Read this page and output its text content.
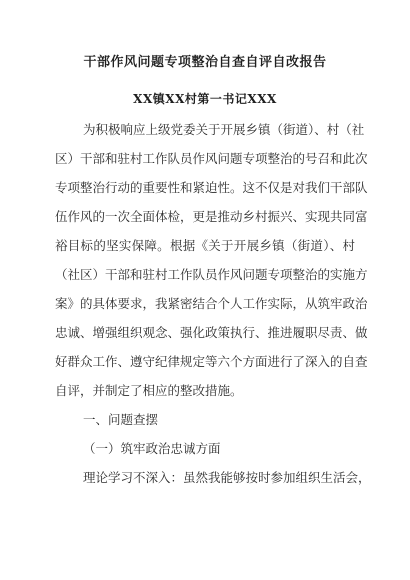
干部作风问题专项整治自查自评自改报告
XX镇XX村第一书记XXX
为积极响应上级党委关于开展乡镇（街道）、村（社
区）干部和驻村工作队员作风问题专项整治的号召和此次
专项整治行动的重要性和紧迫性。这不仅是对我们干部队
伍作风的一次全面体检，更是推动乡村振兴、实现共同富
裕目标的坚实保障。根据《关于开展乡镇（街道）、村
（社区）干部和驻村工作队员作风问题专项整治的实施方
案》的具体要求，我紧密结合个人工作实际，从筑牢政治
忠诚、增强组织观念、强化政策执行、推进履职尽责、做
好群众工作、遵守纪律规定等六个方面进行了深入的自查
自评，并制定了相应的整改措施。
一、问题查摆
（一）筑牢政治忠诚方面
理论学习不深入：虽然我能够按时参加组织生活会，
